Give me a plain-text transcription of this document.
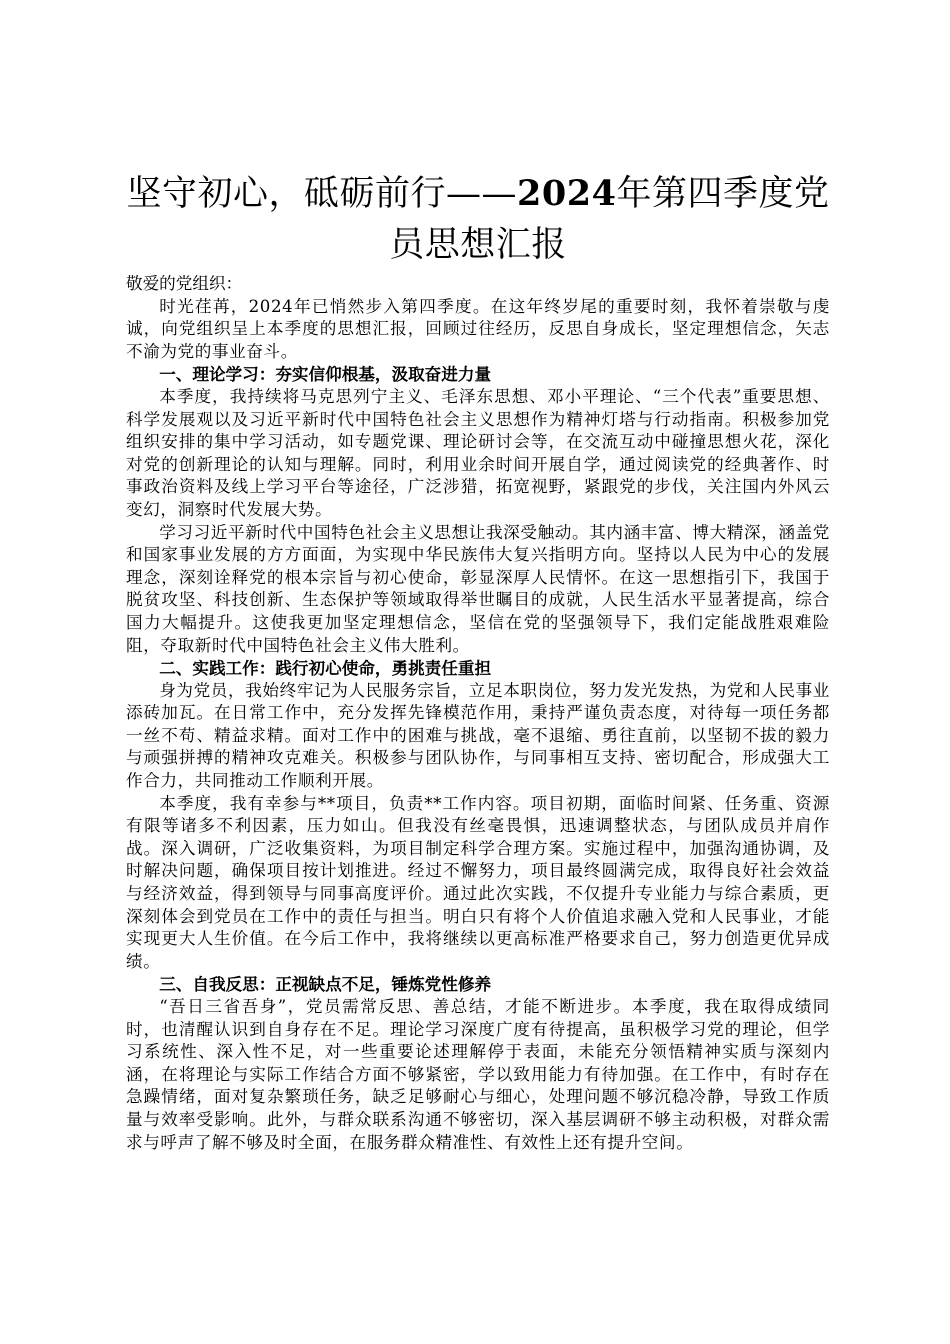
坚守初心，砥砺前行——2024年第四季度党员思想汇报

敬爱的党组织：

时光荏苒，2024年已悄然步入第四季度。在这年终岁尾的重要时刻，我怀着崇敬与虔诚，向党组织呈上本季度的思想汇报，回顾过往经历，反思自身成长，坚定理想信念，矢志不渝为党的事业奋斗。

一、理论学习：夯实信仰根基，汲取奋进力量

本季度，我持续将马克思列宁主义、毛泽东思想、邓小平理论、“三个代表”重要思想、科学发展观以及习近平新时代中国特色社会主义思想作为精神灯塔与行动指南。积极参加党组织安排的集中学习活动，如专题党课、理论研讨会等，在交流互动中碰撞思想火花，深化对党的创新理论的认知与理解。同时，利用业余时间开展自学，通过阅读党的经典著作、时事政治资料及线上学习平台等途径，广泛涉猎，拓宽视野，紧跟党的步伐，关注国内外风云变幻，洞察时代发展大势。

学习习近平新时代中国特色社会主义思想让我深受触动。其内涵丰富、博大精深，涵盖党和国家事业发展的方方面面，为实现中华民族伟大复兴指明方向。坚持以人民为中心的发展理念，深刻诠释党的根本宗旨与初心使命，彰显深厚人民情怀。在这一思想指引下，我国于脱贫攻坚、科技创新、生态保护等领域取得举世瞩目的成就，人民生活水平显著提高，综合国力大幅提升。这使我更加坚定理想信念，坚信在党的坚强领导下，我们定能战胜艰难险阻，夺取新时代中国特色社会主义伟大胜利。

二、实践工作：践行初心使命，勇挑责任重担

身为党员，我始终牢记为人民服务宗旨，立足本职岗位，努力发光发热，为党和人民事业添砖加瓦。在日常工作中，充分发挥先锋模范作用，秉持严谨负责态度，对待每一项任务都一丝不苟、精益求精。面对工作中的困难与挑战，毫不退缩、勇往直前，以坚韧不拔的毅力与顽强拼搏的精神攻克难关。积极参与团队协作，与同事相互支持、密切配合，形成强大工作合力，共同推动工作顺利开展。

本季度，我有幸参与**项目，负责**工作内容。项目初期，面临时间紧、任务重、资源有限等诸多不利因素，压力如山。但我没有丝毫畏惧，迅速调整状态，与团队成员并肩作战。深入调研，广泛收集资料，为项目制定科学合理方案。实施过程中，加强沟通协调，及时解决问题，确保项目按计划推进。经过不懈努力，项目最终圆满完成，取得良好社会效益与经济效益，得到领导与同事高度评价。通过此次实践，不仅提升专业能力与综合素质，更深刻体会到党员在工作中的责任与担当。明白只有将个人价值追求融入党和人民事业，才能实现更大人生价值。在今后工作中，我将继续以更高标准严格要求自己，努力创造更优异成绩。

三、自我反思：正视缺点不足，锤炼党性修养

“吾日三省吾身”，党员需常反思、善总结，才能不断进步。本季度，我在取得成绩同时，也清醒认识到自身存在不足。理论学习深度广度有待提高，虽积极学习党的理论，但学习系统性、深入性不足，对一些重要论述理解停于表面，未能充分领悟精神实质与深刻内涵，在将理论与实际工作结合方面不够紧密，学以致用能力有待加强。在工作中，有时存在急躁情绪，面对复杂繁琐任务，缺乏足够耐心与细心，处理问题不够沉稳冷静，导致工作质量与效率受影响。此外，与群众联系沟通不够密切，深入基层调研不够主动积极，对群众需求与呼声了解不够及时全面，在服务群众精准性、有效性上还有提升空间。
